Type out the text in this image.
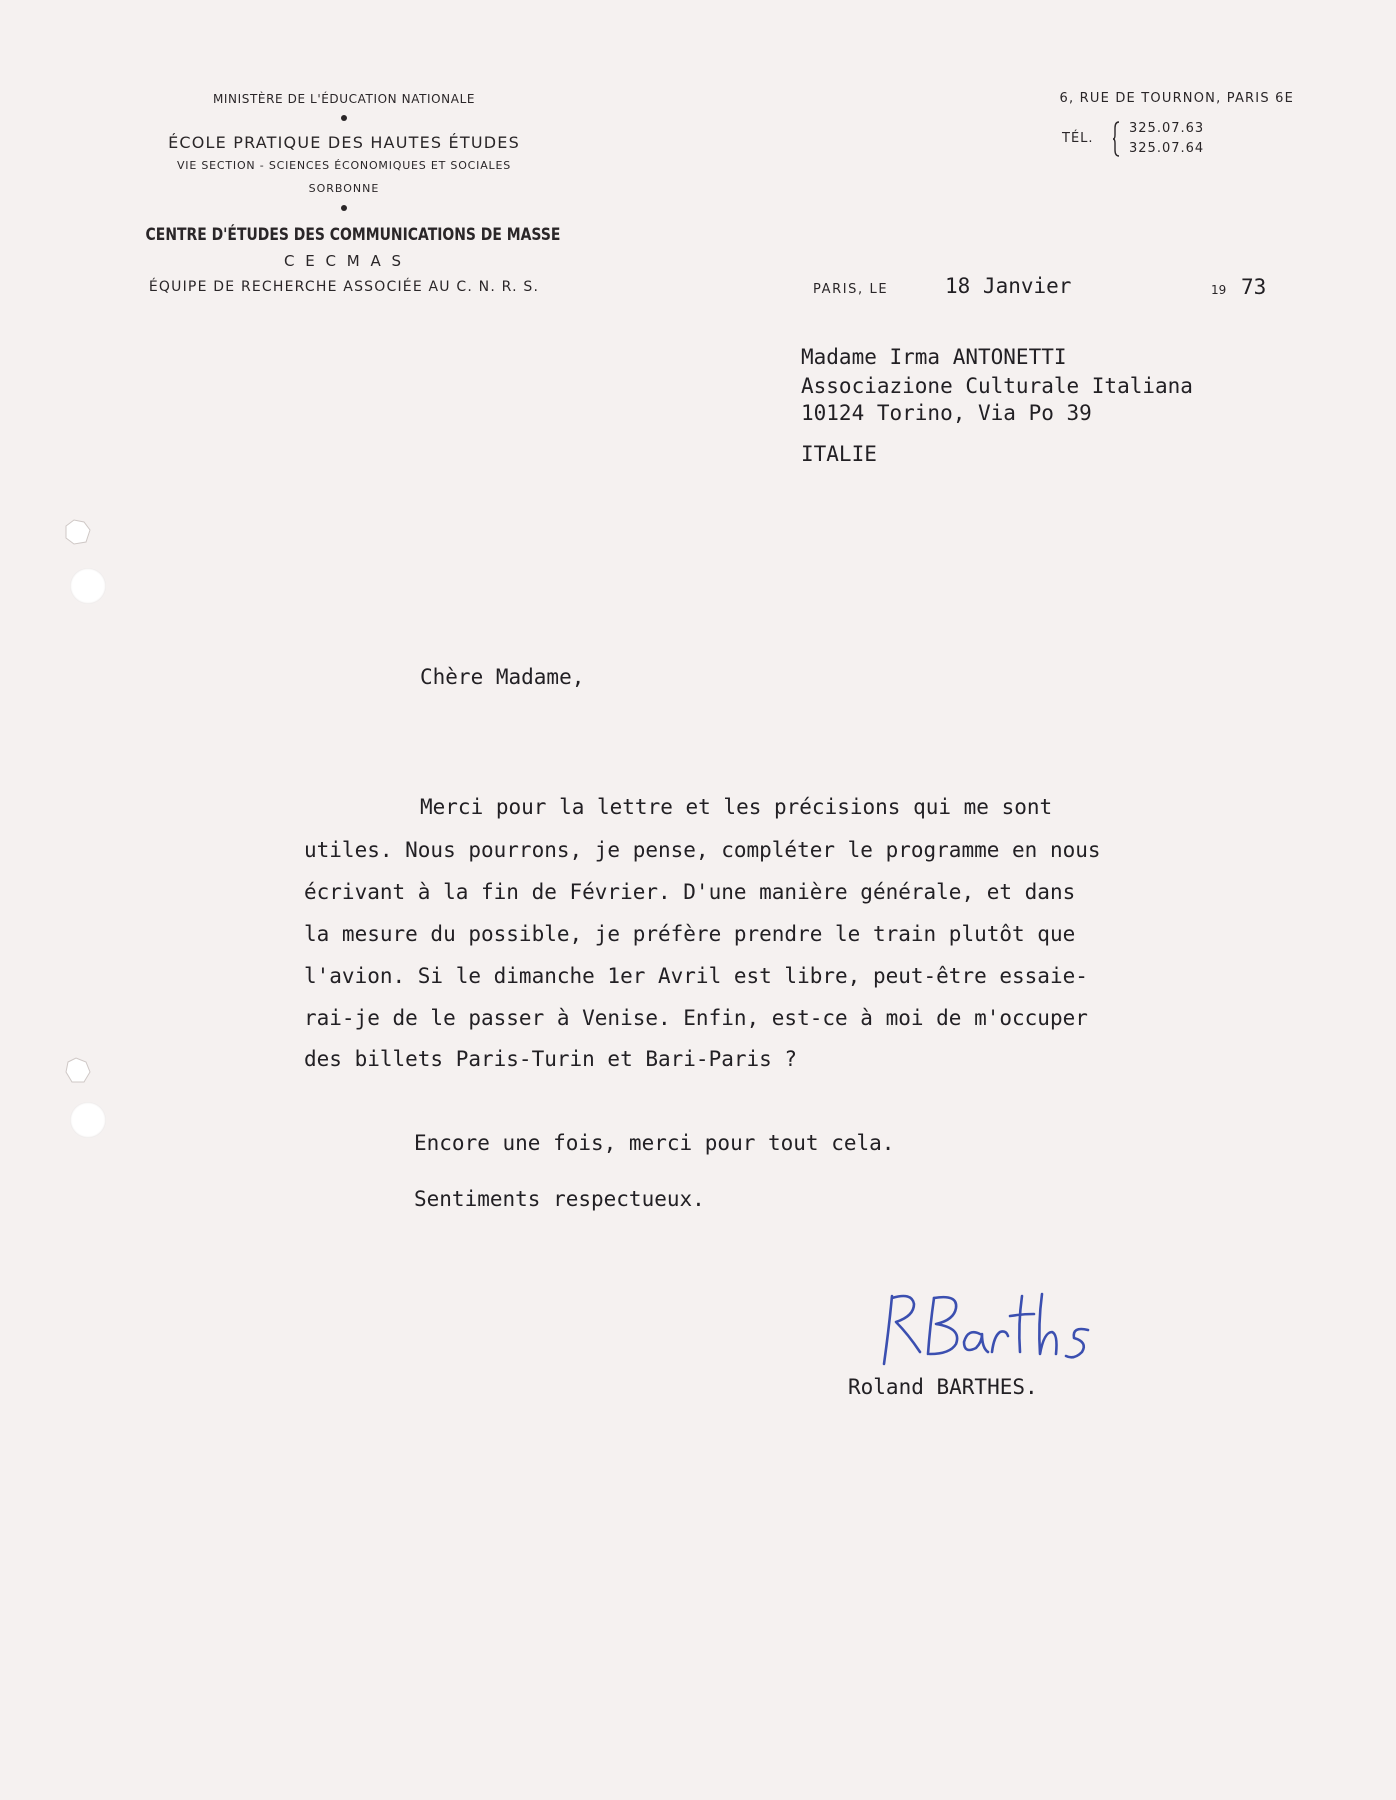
MINISTÈRE DE L'ÉDUCATION NATIONALE
ÉCOLE PRATIQUE DES HAUTES ÉTUDES
VIE SECTION - SCIENCES ÉCONOMIQUES ET SOCIALES
SORBONNE
CENTRE D'ÉTUDES DES COMMUNICATIONS DE MASSE
C E C M A S
ÉQUIPE DE RECHERCHE ASSOCIÉE AU C. N. R. S.
6, RUE DE TOURNON, PARIS 6E
TÉL.
325.07.63
325.07.64
PARIS, LE	18 Janvier	19 73
Madame Irma ANTONETTI
Associazione Culturale Italiana
10124 Torino, Via Po 39
ITALIE
Chère Madame,
Merci pour la lettre et les précisions qui me sont
utiles. Nous pourrons, je pense, compléter le programme en nous
écrivant à la fin de Février. D'une manière générale, et dans
la mesure du possible, je préfère prendre le train plutôt que
l'avion. Si le dimanche 1er Avril est libre, peut-être essaie-
rai-je de le passer à Venise. Enfin, est-ce à moi de m'occuper
des billets Paris-Turin et Bari-Paris ?
Encore une fois, merci pour tout cela.
Sentiments respectueux.
Roland BARTHES.
